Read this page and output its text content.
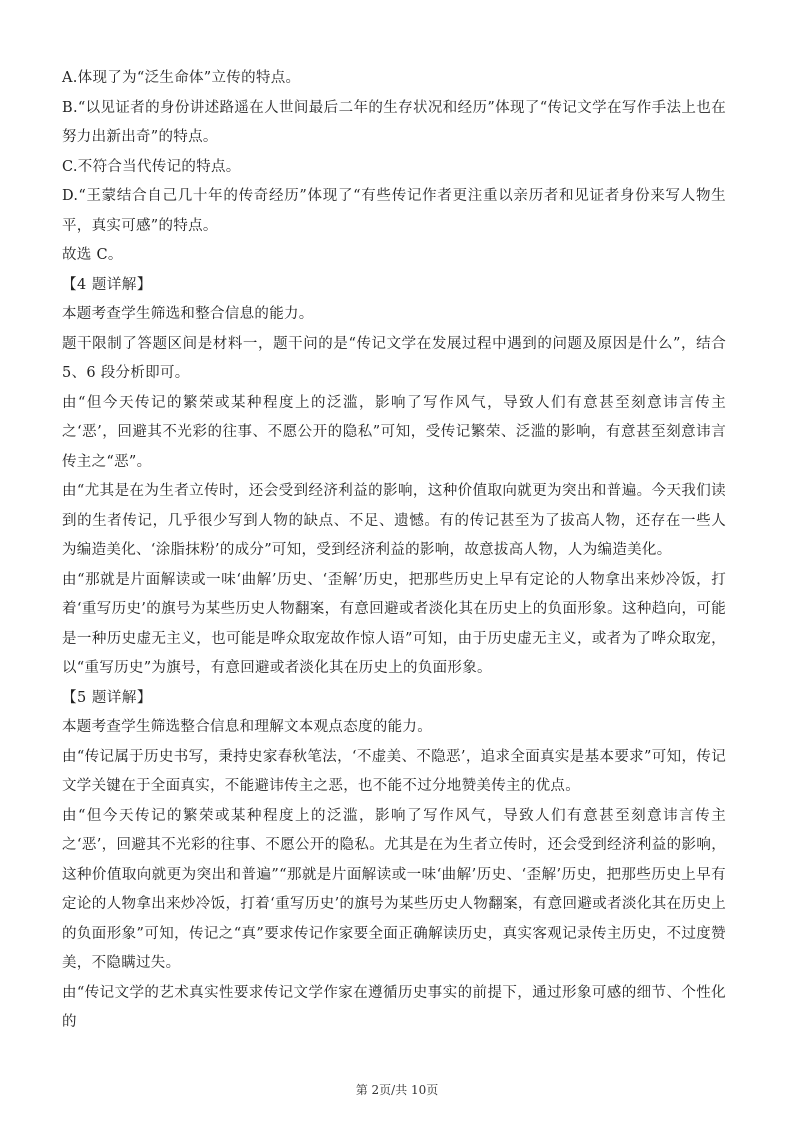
A.体现了为“泛生命体”立传的特点。

B.“以见证者的身份讲述路遥在人世间最后二年的生存状况和经历”体现了“传记文学在写作手法上也在努力出新出奇”的特点。

C.不符合当代传记的特点。

D.“王蒙结合自己几十年的传奇经历”体现了“有些传记作者更注重以亲历者和见证者身份来写人物生平，真实可感”的特点。

故选 C。

【4 题详解】

本题考查学生筛选和整合信息的能力。

题干限制了答题区间是材料一，题干问的是“传记文学在发展过程中遇到的问题及原因是什么”，结合 5、6 段分析即可。

由“但今天传记的繁荣或某种程度上的泛滥，影响了写作风气，导致人们有意甚至刻意讳言传主之‘恶’，回避其不光彩的往事、不愿公开的隐私”可知，受传记繁荣、泛滥的影响，有意甚至刻意讳言传主之“恶”。

由“尤其是在为生者立传时，还会受到经济利益的影响，这种价值取向就更为突出和普遍。今天我们读到的生者传记，几乎很少写到人物的缺点、不足、遗憾。有的传记甚至为了拔高人物，还存在一些人为编造美化、‘涂脂抹粉’的成分”可知，受到经济利益的影响，故意拔高人物，人为编造美化。

由“那就是片面解读或一味‘曲解’历史、‘歪解’历史，把那些历史上早有定论的人物拿出来炒冷饭，打着‘重写历史’的旗号为某些历史人物翻案，有意回避或者淡化其在历史上的负面形象。这种趋向，可能是一种历史虚无主义，也可能是哗众取宠故作惊人语”可知，由于历史虚无主义，或者为了哗众取宠，以“重写历史”为旗号，有意回避或者淡化其在历史上的负面形象。

【5 题详解】

本题考查学生筛选整合信息和理解文本观点态度的能力。

由“传记属于历史书写，秉持史家春秋笔法，‘不虚美、不隐恶’，追求全面真实是基本要求”可知，传记文学关键在于全面真实，不能避讳传主之恶，也不能不过分地赞美传主的优点。

由“但今天传记的繁荣或某种程度上的泛滥，影响了写作风气，导致人们有意甚至刻意讳言传主之‘恶’，回避其不光彩的往事、不愿公开的隐私。尤其是在为生者立传时，还会受到经济利益的影响，这种价值取向就更为突出和普遍”“那就是片面解读或一味‘曲解’历史、‘歪解’历史，把那些历史上早有定论的人物拿出来炒冷饭，打着‘重写历史’的旗号为某些历史人物翻案，有意回避或者淡化其在历史上的负面形象”可知，传记之“真”要求传记作家要全面正确解读历史，真实客观记录传主历史，不过度赞美，不隐瞒过失。

由“传记文学的艺术真实性要求传记文学作家在遵循历史事实的前提下，通过形象可感的细节、个性化的

第 2页/共 10页
